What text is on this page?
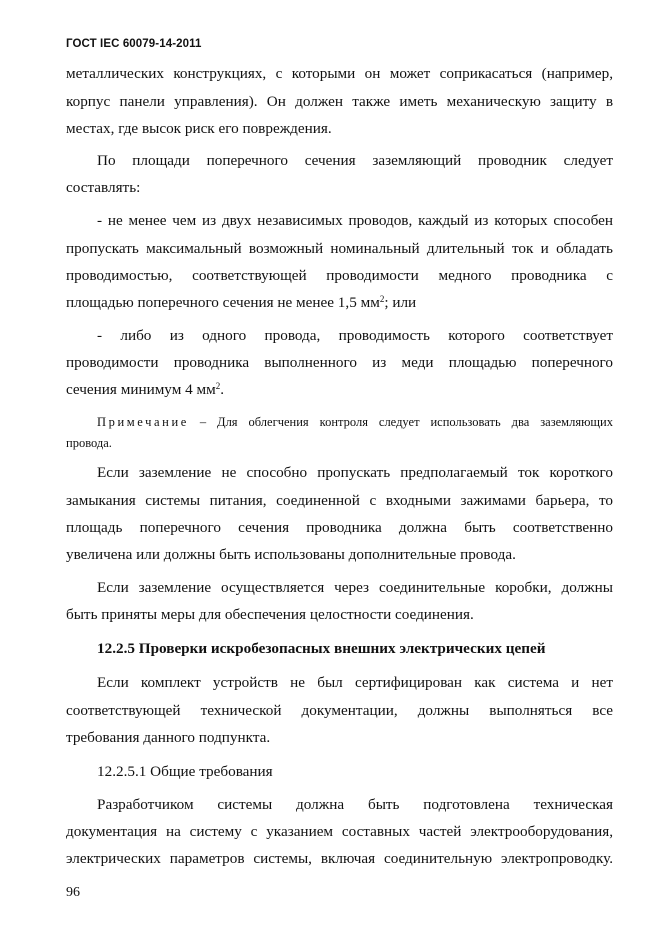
ГОСТ IEC 60079-14-2011
металлических конструкциях, с которыми он может соприкасаться (например,
корпус панели управления). Он должен также иметь механическую защиту в
местах, где высок риск его повреждения.
По площади поперечного сечения заземляющий проводник следует
составлять:
- не менее чем из двух независимых проводов, каждый из которых способен
пропускать максимальный возможный номинальный длительный ток и обладать
проводимостью, соответствующей проводимости медного проводника с
площадью поперечного сечения не менее 1,5 $мм^2$; или
- либо из одного провода, проводимость которого соответствует
проводимости проводника выполненного из меди площадью поперечного
сечения минимум 4 $мм^2$.
Примечание – Для облегчения контроля следует использовать два заземляющих
провода.
Если заземление не способно пропускать предполагаемый ток короткого
замыкания системы питания, соединенной с входными зажимами барьера, то
площадь поперечного сечения проводника должна быть соответственно
увеличена или должны быть использованы дополнительные провода.
Если заземление осуществляется через соединительные коробки, должны
быть приняты меры для обеспечения целостности соединения.
12.2.5 Проверки искробезопасных внешних электрических цепей
Если комплект устройств не был сертифицирован как система и нет
соответствующей технической документации, должны выполняться все
требования данного подпункта.
12.2.5.1 Общие требования
Разработчиком системы должна быть подготовлена техническая
документация на систему с указанием составных частей электрооборудования,
электрических параметров системы, включая соединительную электропроводку.
96
